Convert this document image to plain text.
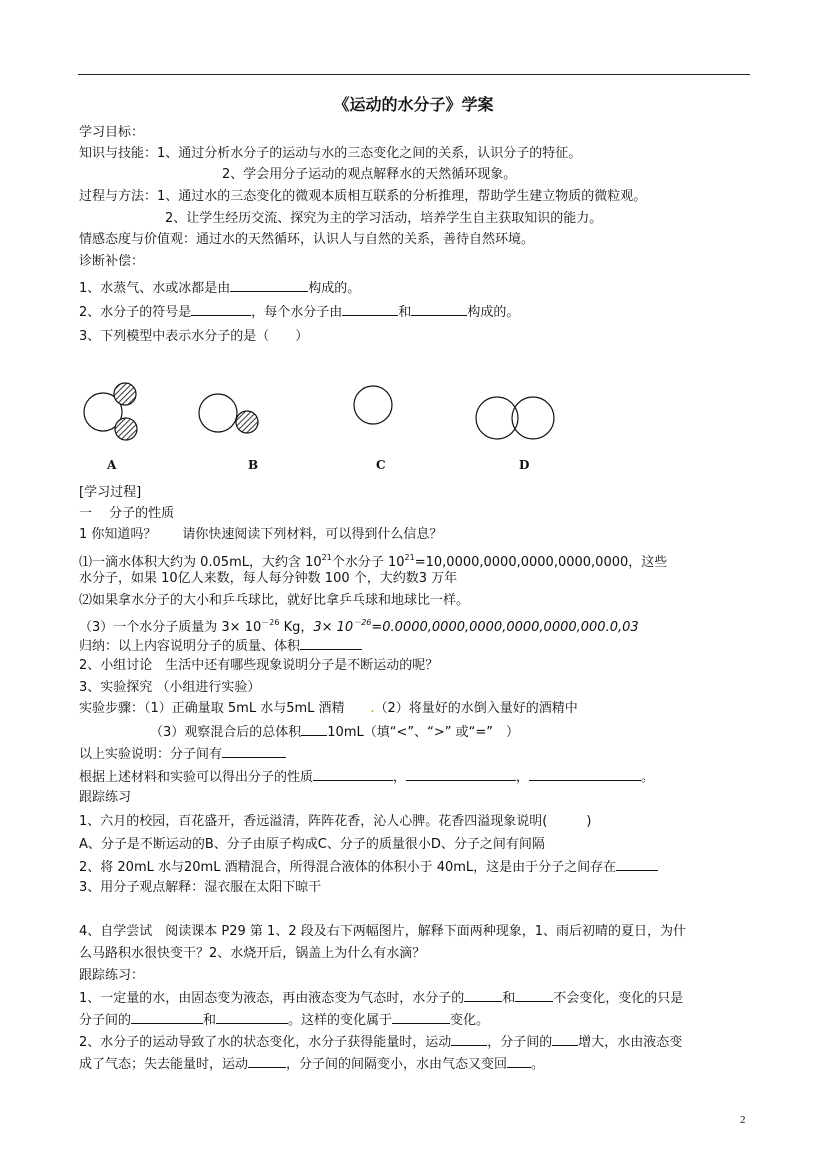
《运动的水分子》学案
学习目标：
知识与技能：1、通过分析水分子的运动与水的三态变化之间的关系，认识分子的特征。
2、学会用分子运动的观点解释水的天然循环现象。
过程与方法：1、通过水的三态变化的微观本质相互联系的分析推理，帮助学生建立物质的微粒观。
2、让学生经历交流、探究为主的学习活动，培养学生自主获取知识的能力。
情感态度与价值观：通过水的天然循环，认识人与自然的关系，善待自然环境。
诊断补偿：
1、水蒸气、水或冰都是由	构成的。
2、水分子的符号是	，每个水分子由	和	构成的。
3、下列模型中表示水分子的是（　　）
A	B	C	D
[学习过程]
一　 分子的性质
1 你知道吗？ 请你快速阅读下列材料，可以得到什么信息？
⑴一滴水体积大约为 0.05mL，大约含 $10^{21}$个水分子 $10^{21}=10,0000,0000,0000,0000,0000$，这些
水分子，如果 10亿人来数，每人每分钟数 100 个，大约数3 万年
⑵如果拿水分子的大小和乒乓球比，就好比拿乒乓球和地球比一样。
（3）一个水分子质量为 $3\times 10^{-26}$ Kg，$3\times 10^{-26}=0.0000,0000,0000,0000,0000,000.0,03$
归纳：以上内容说明分子的质量、体积
2、小组讨论　生活中还有哪些现象说明分子是不断运动的呢？
3、实验探究 （小组进行实验）
实验步骤：（1）正确量取 5mL 水与5mL 酒精 .（2）将量好的水倒入量好的酒精中
（3）观察混合后的总体积 10mL（填“<”、“>” 或“=”　）
以上实验说明：分子间有
根据上述材料和实验可以得出分子的性质	，	，	。
跟踪练习
1、六月的校园，百花盛开，香远溢清，阵阵花香，沁人心脾。花香四溢现象说明(　　　)
A、分子是不断运动的B、分子由原子构成C、分子的质量很小D、分子之间有间隔
2、将 20mL 水与20mL 酒精混合，所得混合液体的体积小于 40mL，这是由于分子之间存在
3、用分子观点解释：湿衣服在太阳下晾干
4、自学尝试　阅读课本 P29 第 1、2 段及右下两幅图片，解释下面两种现象，1、雨后初晴的夏日，为什
么马路积水很快变干？2、水烧开后，锅盖上为什么有水滴？
跟踪练习：
1、一定量的水，由固态变为液态，再由液态变为气态时，水分子的	和	不会变化，变化的只是
分子间的	和	。这样的变化属于	变化。
2、水分子的运动导致了水的状态变化，水分子获得能量时，运动	，分子间的 增大，水由液态变
成了气态；失去能量时，运动	，分子间的间隔变小，水由气态又变回 。
2
